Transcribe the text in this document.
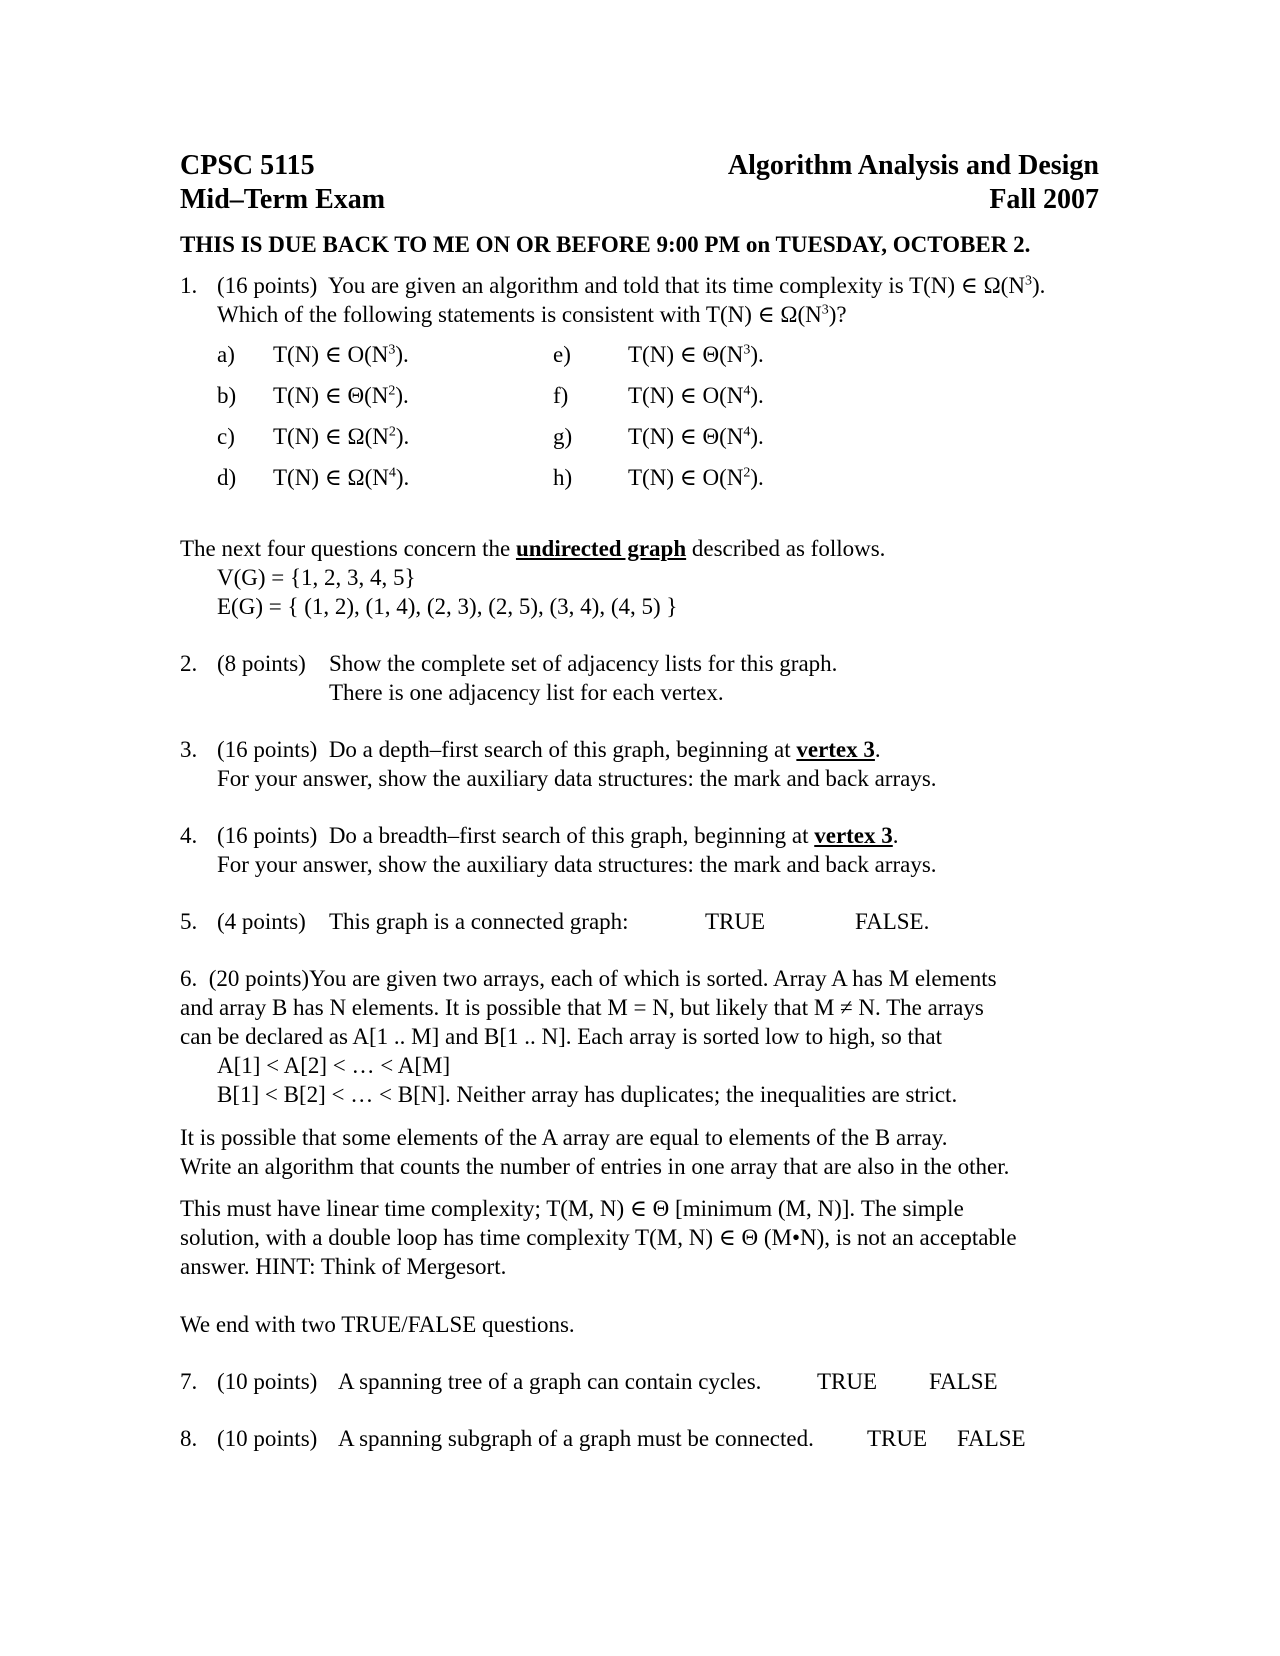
CPSC 5115	Algorithm Analysis and Design
Mid–Term Exam	Fall 2007
THIS IS DUE BACK TO ME ON OR BEFORE 9:00 PM on TUESDAY, OCTOBER 2.
1. (16 points) You are given an algorithm and told that its time complexity is T(N) ∈ $\Omega(N^3)$.
Which of the following statements is consistent with T(N) ∈ $\Omega(N^3)$?
a) T(N) ∈ $O(N^3)$.
b) T(N) ∈ $\Theta(N^2)$.
c) T(N) ∈ $\Omega(N^2)$.
d) T(N) ∈ $\Omega(N^4)$.
e) T(N) ∈ $\Theta(N^3)$.
f)	T(N) ∈ $O(N^4)$.
g) T(N) ∈ $\Theta(N^4)$.
h) T(N) ∈ $O(N^2)$.
The next four questions concern the undirected graph described as follows.
V(G) = {1, 2, 3, 4, 5}
E(G) = { (1, 2), (1, 4), (2, 3), (2, 5), (3, 4), (4, 5) }
2. (8 points) Show the complete set of adjacency lists for this graph.
There is one adjacency list for each vertex.
3. (16 points) Do a depth–first search of this graph, beginning at vertex 3.
For your answer, show the auxiliary data structures: the mark and back arrays.
4. (16 points) Do a breadth–first search of this graph, beginning at vertex 3.
For your answer, show the auxiliary data structures: the mark and back arrays.
5. (4 points) This graph is a connected graph:	TRUE	FALSE.
6. (20 points)You are given two arrays, each of which is sorted. Array A has M elements
and array B has N elements. It is possible that M = N, but likely that M ≠ N. The arrays
can be declared as A[1 .. M] and B[1 .. N]. Each array is sorted low to high, so that
A[1] < A[2] < … < A[M]
B[1] < B[2] < … < B[N]. Neither array has duplicates; the inequalities are strict.
It is possible that some elements of the A array are equal to elements of the B array.
Write an algorithm that counts the number of entries in one array that are also in the other.
This must have linear time complexity; T(M, N) ∈ Θ [minimum (M, N)]. The simple
solution, with a double loop has time complexity T(M, N) ∈ Θ (M•N), is not an acceptable
answer. HINT: Think of Mergesort.
We end with two TRUE/FALSE questions.
7. (10 points) A spanning tree of a graph can contain cycles. TRUE FALSE
8. (10 points) A spanning subgraph of a graph must be connected. TRUE FALSE
